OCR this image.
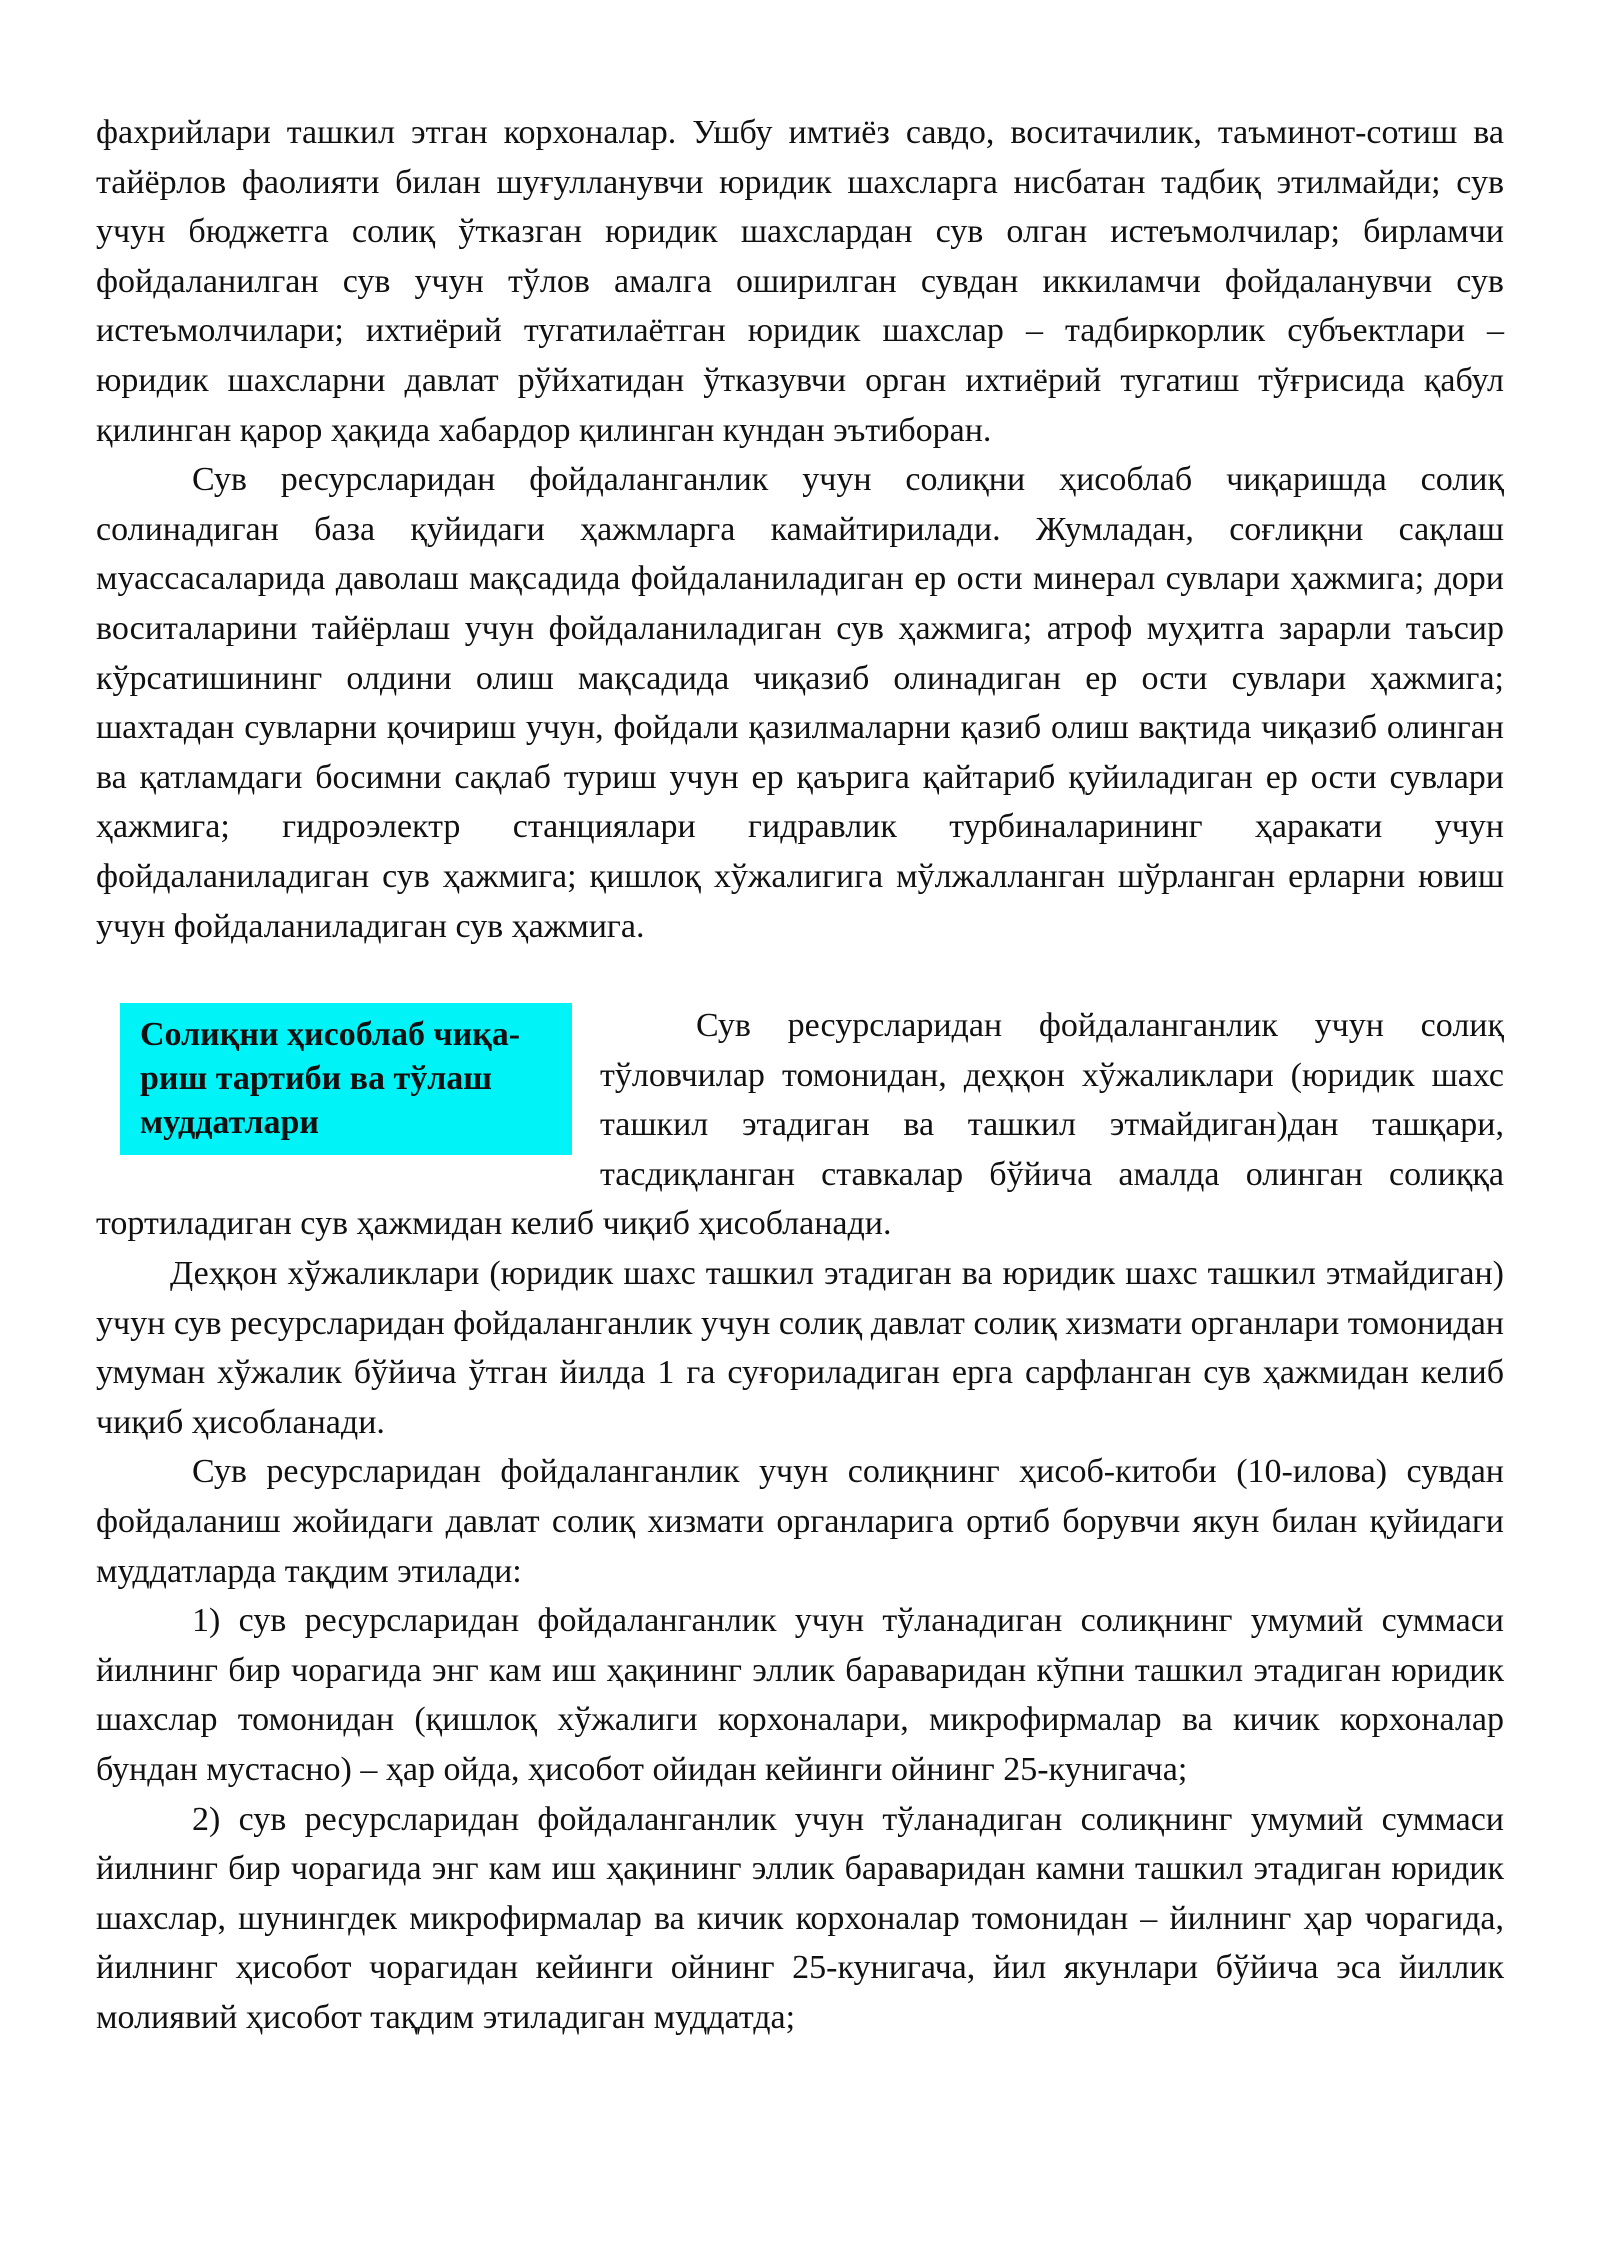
фахрийлари ташкил этган корхоналар. Ушбу имтиёз савдо, воситачилик, таъминот-сотиш ва тайёрлов фаолияти билан шуғулланувчи юридик шахсларга нисбатан тадбиқ этилмайди; сув учун бюджетга солиқ ўтказган юридик шахслардан сув олган истеъмолчилар; бирламчи фойдаланилган сув учун тўлов амалга оширилган сувдан иккиламчи фойдаланувчи сув истеъмолчилари; ихтиёрий тугатилаётган юридик шахслар – тадбиркорлик субъектлари – юридик шахсларни давлат рўйхатидан ўтказувчи орган ихтиёрий тугатиш тўғрисида қабул қилинган қарор ҳақида хабардор қилинган кундан эътиборан.

Сув ресурсларидан фойдаланганлик учун солиқни ҳисоблаб чиқаришда солиқ солинадиган база қуйидаги ҳажмларга камайтирилади. Жумладан, соғлиқни сақлаш муассасаларида даволаш мақсадида фойдаланиладиган ер ости минерал сувлари ҳажмига; дори воситаларини тайёрлаш учун фойдаланиладиган сув ҳажмига; атроф муҳитга зарарли таъсир кўрсатишининг олдини олиш мақсадида чиқазиб олинадиган ер ости сувлари ҳажмига; шахтадан сувларни қочириш учун, фойдали қазилмаларни қазиб олиш вақтида чиқазиб олинган ва қатламдаги босимни сақлаб туриш учун ер қаърига қайтариб қуйиладиган ер ости сувлари ҳажмига; гидроэлектр станциялари гидравлик турбиналарининг ҳаракати учун фойдаланиладиган сув ҳажмига; қишлоқ хўжалигига мўлжалланган шўрланган ерларни ювиш учун фойдаланиладиган сув ҳажмига.

Солиқни ҳисоблаб чиқа-риш тартиби ва тўлаш муддатлари

Сув ресурсларидан фойдаланганлик учун солиқ тўловчилар томонидан, деҳқон хўжаликлари (юридик шахс ташкил этадиган ва ташкил этмайдиган)дан ташқари, тасдиқланган ставкалар бўйича амалда олинган солиққа тортиладиган сув ҳажмидан келиб чиқиб ҳисобланади.

Деҳқон хўжаликлари (юридик шахс ташкил этадиган ва юридик шахс ташкил этмайдиган) учун сув ресурсларидан фойдаланганлик учун солиқ давлат солиқ хизмати органлари томонидан умуман хўжалик бўйича ўтган йилда 1 га суғориладиган ерга сарфланган сув ҳажмидан келиб чиқиб ҳисобланади.

Сув ресурсларидан фойдаланганлик учун солиқнинг ҳисоб-китоби (10-илова) сувдан фойдаланиш жойидаги давлат солиқ хизмати органларига ортиб борувчи якун билан қуйидаги муддатларда тақдим этилади:

1) сув ресурсларидан фойдаланганлик учун тўланадиган солиқнинг умумий суммаси йилнинг бир чорагида энг кам иш ҳақининг эллик бараваридан кўпни ташкил этадиган юридик шахслар томонидан (қишлоқ хўжалиги корхоналари, микрофирмалар ва кичик корхоналар бундан мустасно) – ҳар ойда, ҳисобот ойидан кейинги ойнинг 25-кунигача;

2) сув ресурсларидан фойдаланганлик учун тўланадиган солиқнинг умумий суммаси йилнинг бир чорагида энг кам иш ҳақининг эллик бараваридан камни ташкил этадиган юридик шахслар, шунингдек микрофирмалар ва кичик корхоналар томонидан – йилнинг ҳар чорагида, йилнинг ҳисобот чорагидан кейинги ойнинг 25-кунигача, йил якунлари бўйича эса йиллик молиявий ҳисобот тақдим этиладиган муддатда;
